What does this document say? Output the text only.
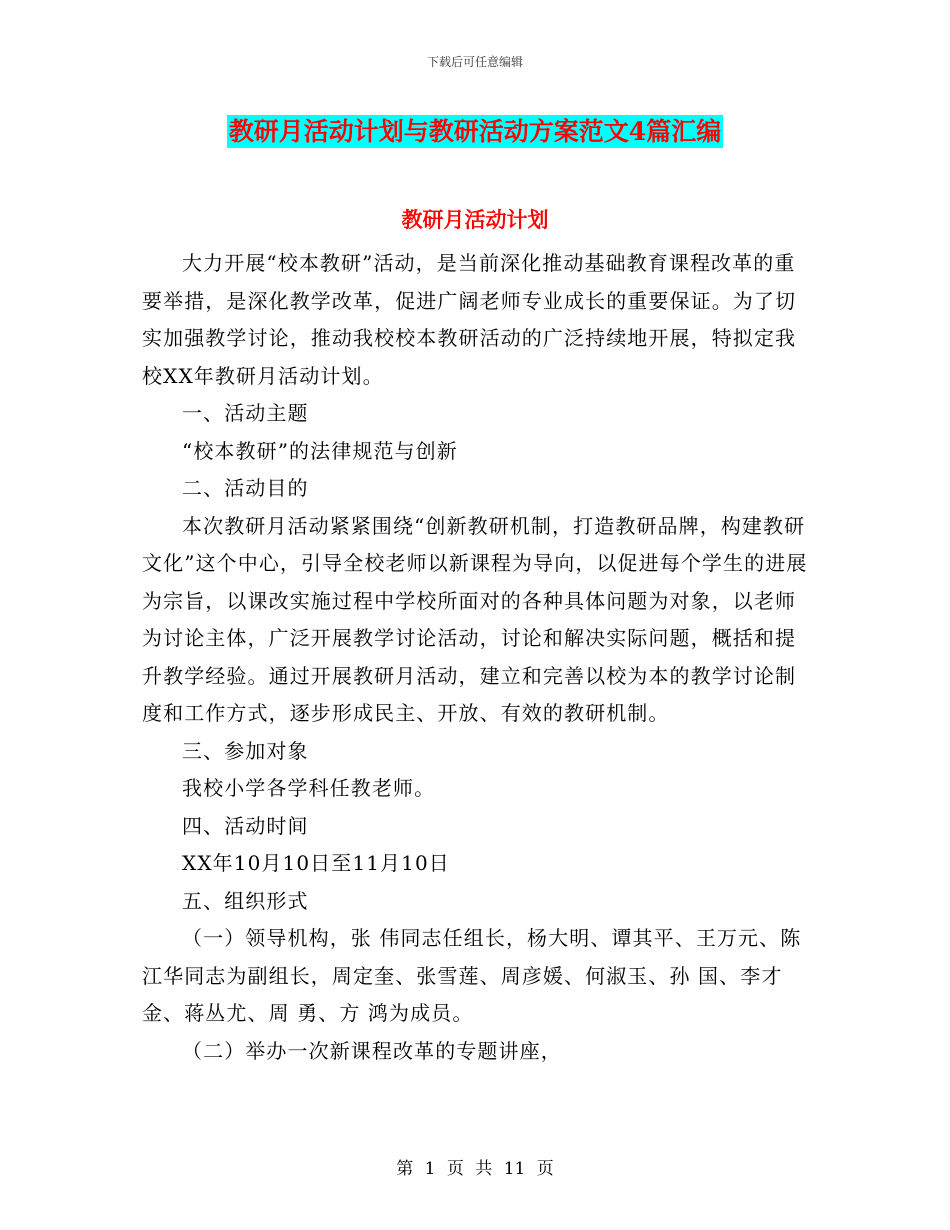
下载后可任意编辑
教研月活动计划与教研活动方案范文4篇汇编
教研月活动计划

大力开展“校本教研”活动，是当前深化推动基础教育课程改革的重要举措，是深化教学改革，促进广阔老师专业成长的重要保证。为了切实加强教学讨论，推动我校校本教研活动的广泛持续地开展，特拟定我校XX年教研月活动计划。

一、活动主题

“校本教研”的法律规范与创新

二、活动目的

本次教研月活动紧紧围绕“创新教研机制，打造教研品牌，构建教研文化”这个中心，引导全校老师以新课程为导向，以促进每个学生的进展为宗旨，以课改实施过程中学校所面对的各种具体问题为对象，以老师为讨论主体，广泛开展教学讨论活动，讨论和解决实际问题，概括和提升教学经验。通过开展教研月活动，建立和完善以校为本的教学讨论制度和工作方式，逐步形成民主、开放、有效的教研机制。

三、参加对象

我校小学各学科任教老师。

四、活动时间

XX年10月10日至11月10日

五、组织形式

（一）领导机构，张 伟同志任组长，杨大明、谭其平、王万元、陈江华同志为副组长，周定奎、张雪莲、周彦媛、何淑玉、孙 国、李才金、蒋丛尤、周 勇、方 鸿为成员。

（二）举办一次新课程改革的专题讲座，

第 1 页 共 11 页
